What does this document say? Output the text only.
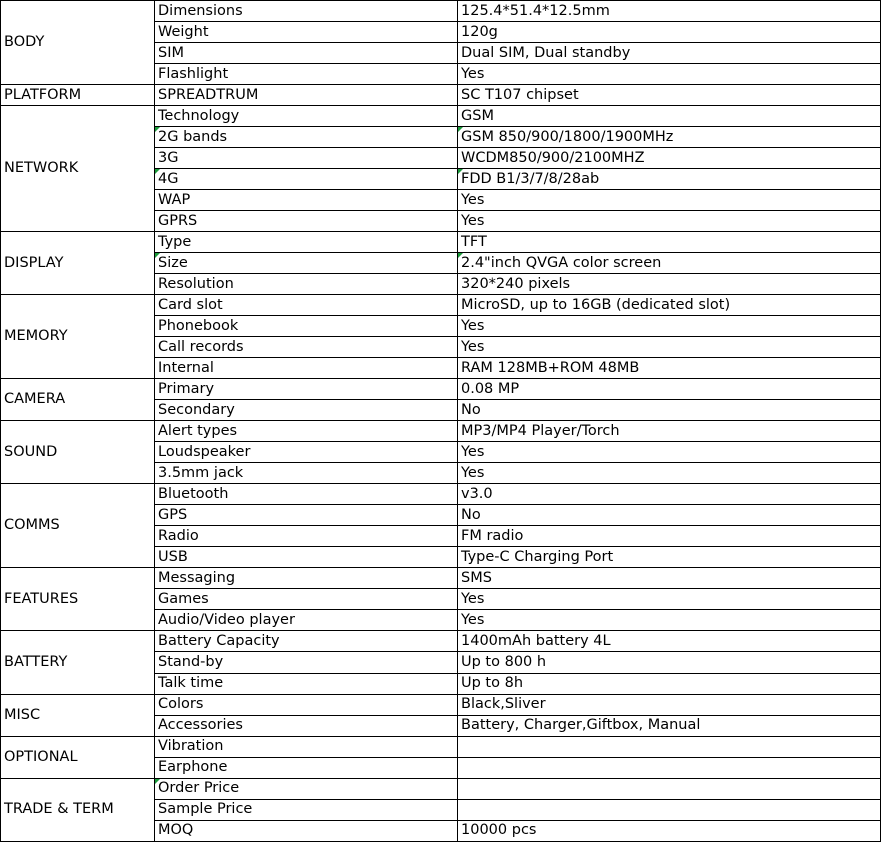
BODY	Dimensions	125.4*51.4*12.5mm
	Weight	120g
	SIM	Dual SIM, Dual standby
	Flashlight	Yes
PLATFORM	SPREADTRUM	SC T107 chipset
NETWORK	Technology	GSM
	2G bands	GSM 850/900/1800/1900MHz
	3G	WCDM850/900/2100MHZ
	4G	FDD B1/3/7/8/28ab
	WAP	Yes
	GPRS	Yes
DISPLAY	Type	TFT
	Size	2.4"inch QVGA color screen
	Resolution	320*240 pixels
MEMORY	Card slot	MicroSD, up to 16GB (dedicated slot)
	Phonebook	Yes
	Call records	Yes
	Internal	RAM 128MB+ROM 48MB
CAMERA	Primary	0.08 MP
	Secondary	No
SOUND	Alert types	MP3/MP4 Player/Torch
	Loudspeaker	Yes
	3.5mm jack	Yes
COMMS	Bluetooth	v3.0
	GPS	No
	Radio	FM radio
	USB	Type-C Charging Port
FEATURES	Messaging	SMS
	Games	Yes
	Audio/Video player	Yes
BATTERY	Battery Capacity	1400mAh battery 4L
	Stand-by	Up to 800 h
	Talk time	Up to 8h
MISC	Colors	Black,Sliver
	Accessories	Battery, Charger,Giftbox, Manual
OPTIONAL	Vibration	
	Earphone	
TRADE & TERM	Order Price	
	Sample Price	
	MOQ	10000 pcs
